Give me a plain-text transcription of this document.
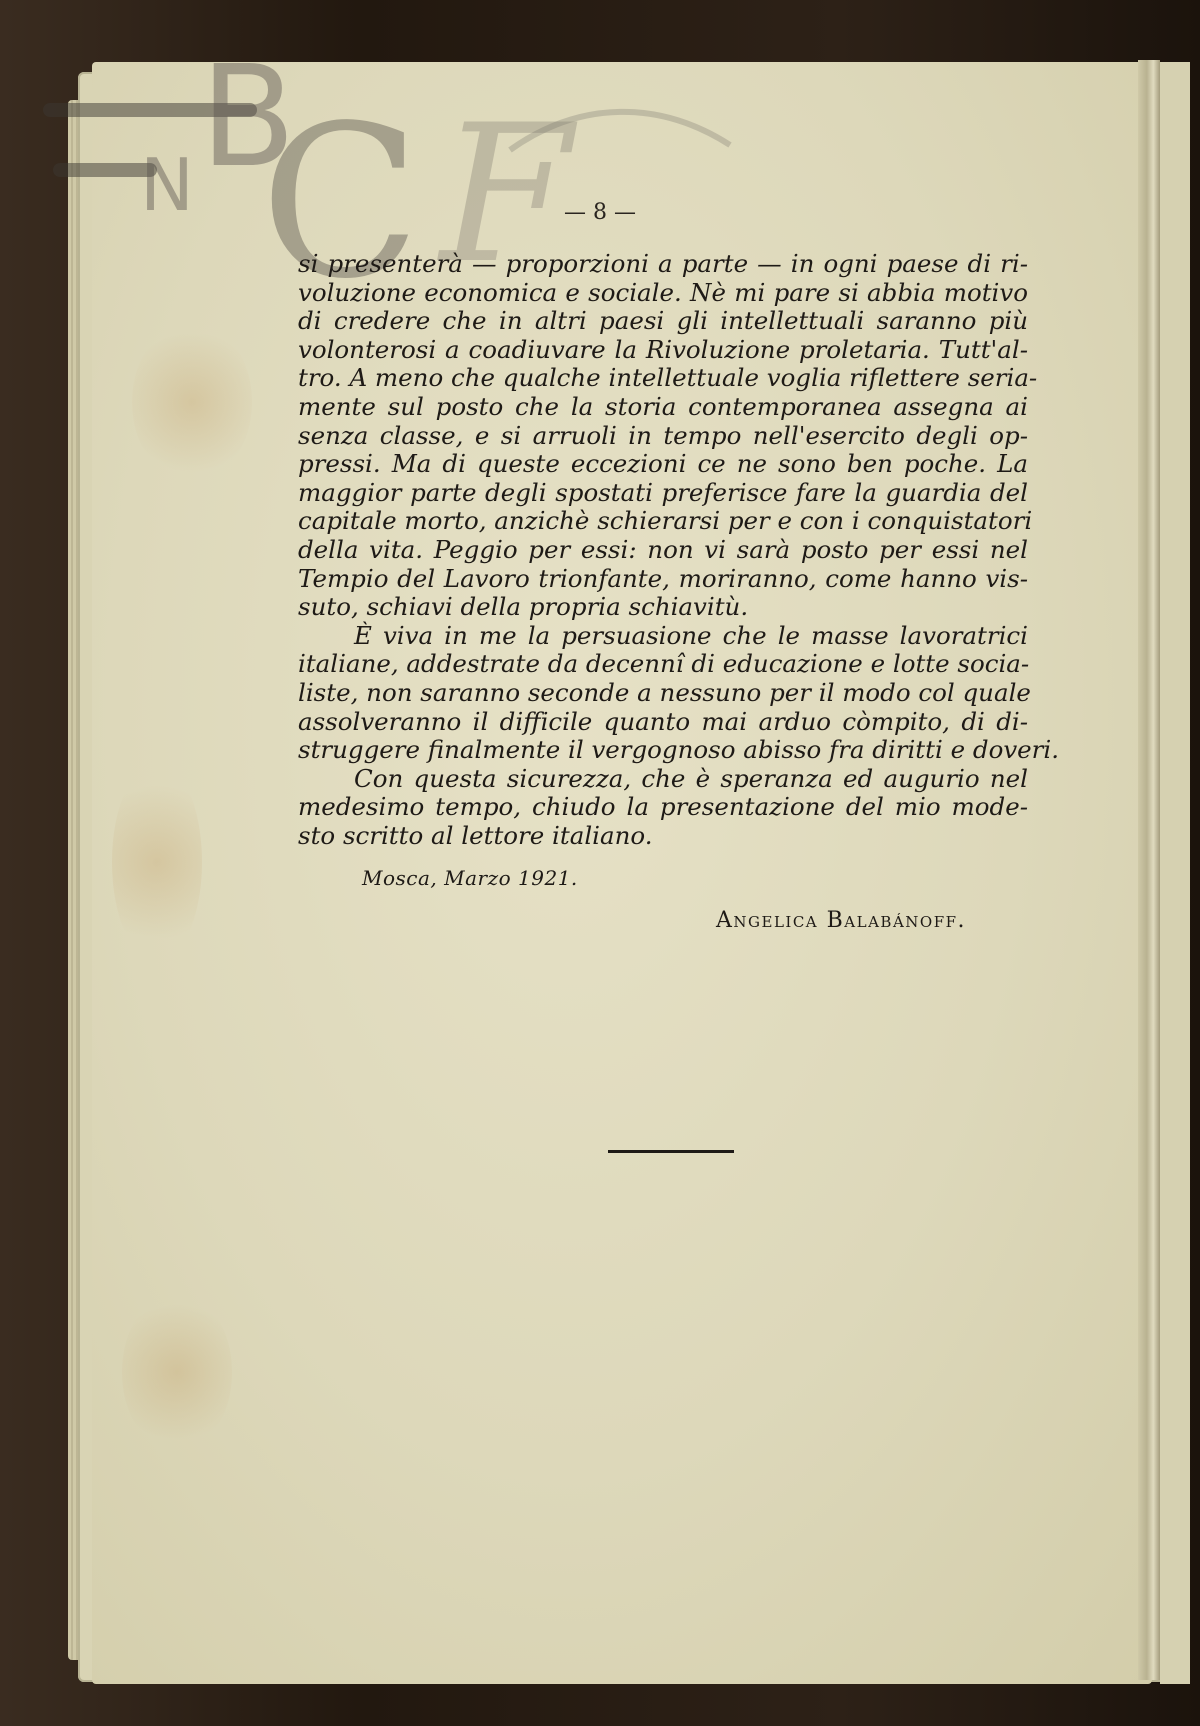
B
N C F
— 8 —
si presenterà — proporzioni a parte — in ogni paese di ri-
voluzione economica e sociale. Nè mi pare si abbia motivo
di credere che in altri paesi gli intellettuali saranno più
volonterosi a coadiuvare la Rivoluzione proletaria. Tutt'al-
tro. A meno che qualche intellettuale voglia riflettere seria-
mente sul posto che la storia contemporanea assegna ai
senza classe, e si arruoli in tempo nell'esercito degli op-
pressi. Ma di queste eccezioni ce ne sono ben poche. La
maggior parte degli spostati preferisce fare la guardia del
capitale morto, anzichè schierarsi per e con i conquistatori
della vita. Peggio per essi: non vi sarà posto per essi nel
Tempio del Lavoro trionfante, moriranno, come hanno vis-
suto, schiavi della propria schiavitù.
È viva in me la persuasione che le masse lavoratrici
italiane, addestrate da decennî di educazione e lotte socia-
liste, non saranno seconde a nessuno per il modo col quale
assolveranno il difficile quanto mai arduo còmpito, di di-
struggere finalmente il vergognoso abisso fra diritti e doveri.
Con questa sicurezza, che è speranza ed augurio nel
medesimo tempo, chiudo la presentazione del mio mode-
sto scritto al lettore italiano.
Mosca, Marzo 1921.
Angelica Balabánoff.
